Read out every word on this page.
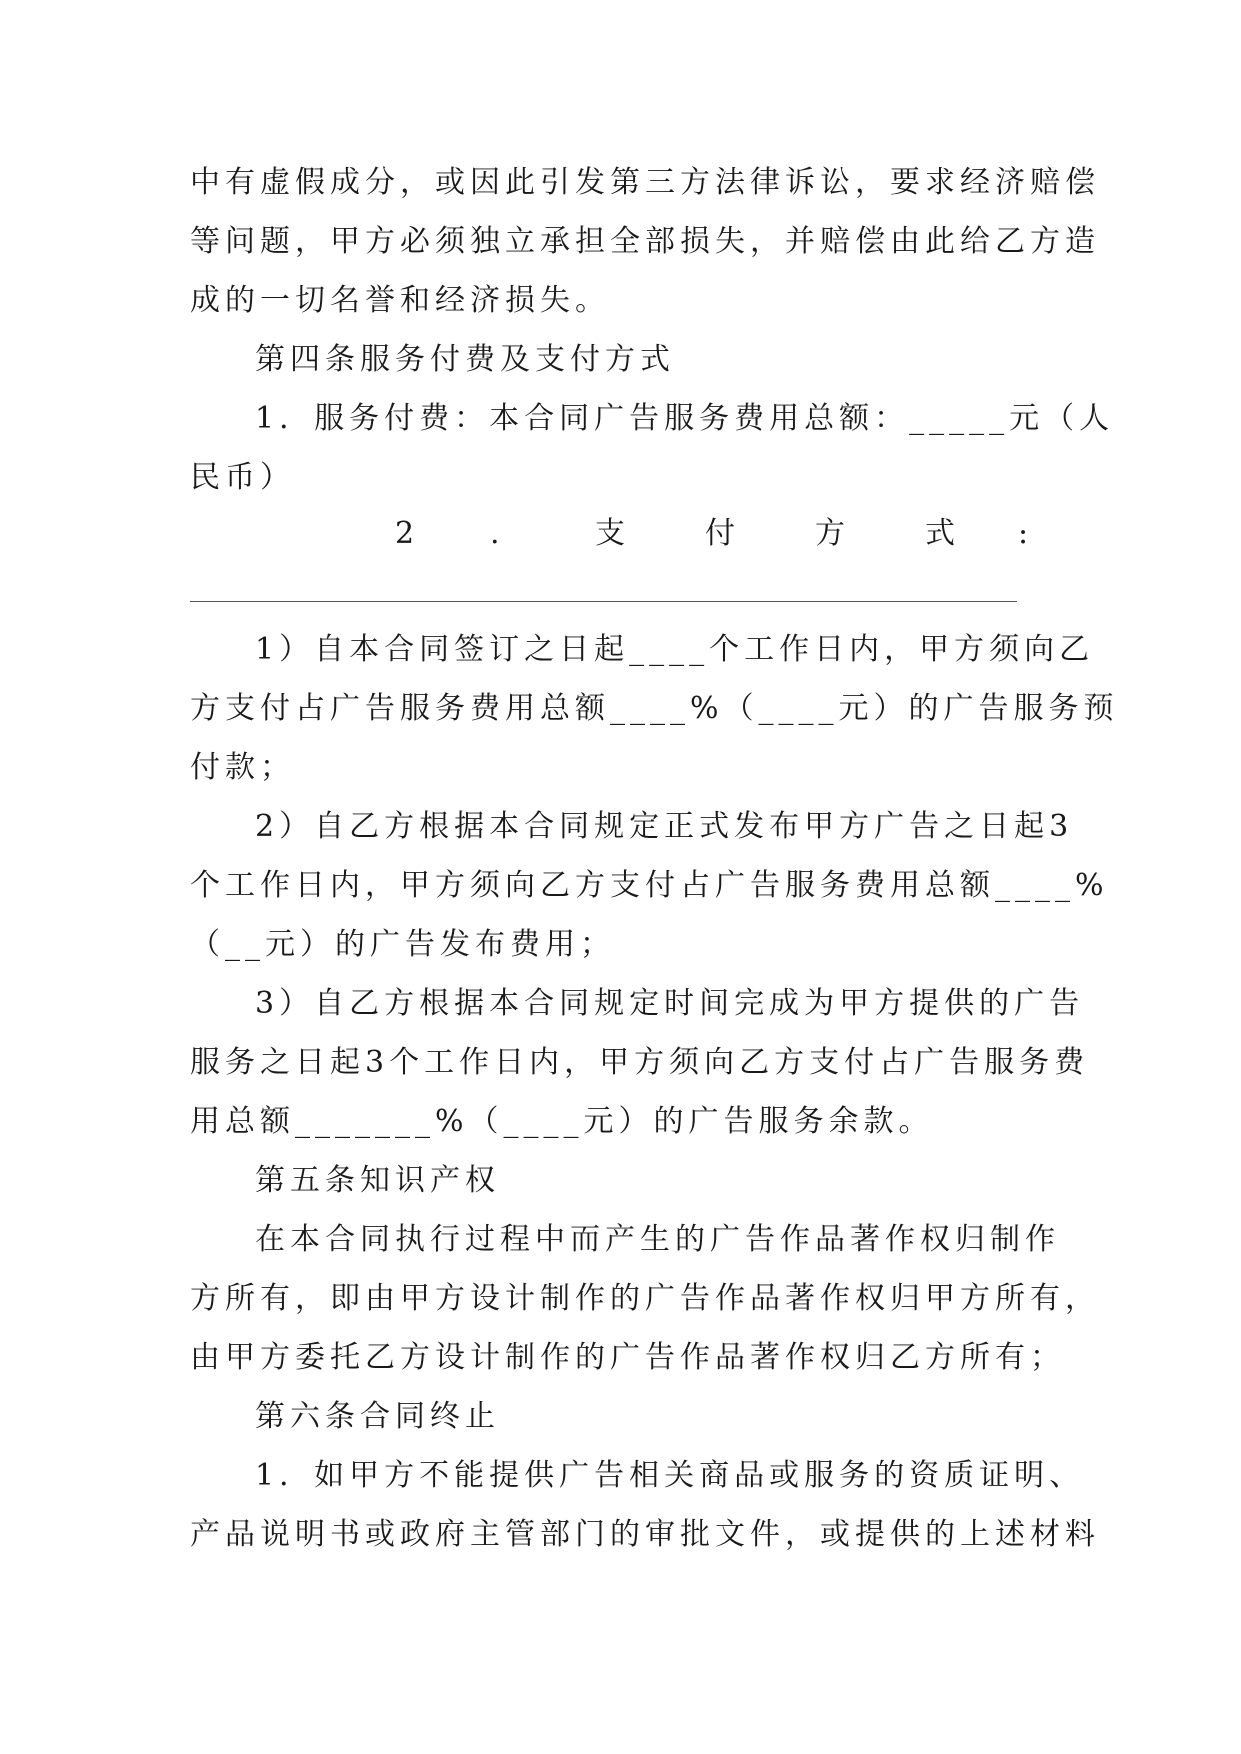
中有虚假成分，或因此引发第三方法律诉讼，要求经济赔偿
等问题，甲方必须独立承担全部损失，并赔偿由此给乙方造
成的一切名誉和经济损失。
第四条服务付费及支付方式
1．服务付费：本合同广告服务费用总额：_____元（人
民币）
2	.	支	付	方	式 :
1）自本合同签订之日起____个工作日内，甲方须向乙
方支付占广告服务费用总额____%（____元）的广告服务预
付款；
2）自乙方根据本合同规定正式发布甲方广告之日起3
个工作日内，甲方须向乙方支付占广告服务费用总额____%
（__元）的广告发布费用；
3）自乙方根据本合同规定时间完成为甲方提供的广告
服务之日起3个工作日内，甲方须向乙方支付占广告服务费
用总额_______%（____元）的广告服务余款。
第五条知识产权
在本合同执行过程中而产生的广告作品著作权归制作
方所有，即由甲方设计制作的广告作品著作权归甲方所有，
由甲方委托乙方设计制作的广告作品著作权归乙方所有；
第六条合同终止
1．如甲方不能提供广告相关商品或服务的资质证明、
产品说明书或政府主管部门的审批文件，或提供的上述材料
